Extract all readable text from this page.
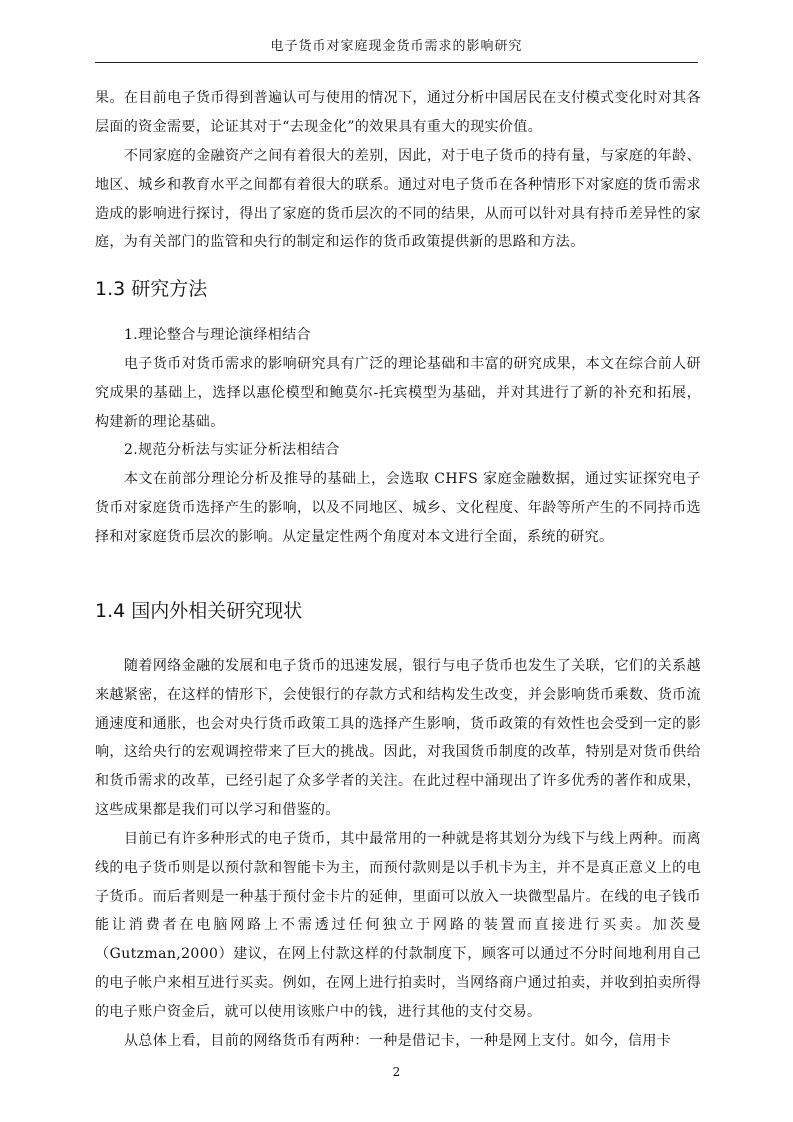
电子货币对家庭现金货币需求的影响研究

果。在目前电子货币得到普遍认可与使用的情况下，通过分析中国居民在支付模式变化时对其各层面的资金需要，论证其对于“去现金化”的效果具有重大的现实价值。

不同家庭的金融资产之间有着很大的差别，因此，对于电子货币的持有量，与家庭的年龄、地区、城乡和教育水平之间都有着很大的联系。通过对电子货币在各种情形下对家庭的货币需求造成的影响进行探讨，得出了家庭的货币层次的不同的结果，从而可以针对具有持币差异性的家庭，为有关部门的监管和央行的制定和运作的货币政策提供新的思路和方法。

1.3 研究方法

1.理论整合与理论演绎相结合

电子货币对货币需求的影响研究具有广泛的理论基础和丰富的研究成果，本文在综合前人研究成果的基础上，选择以惠伦模型和鲍莫尔-托宾模型为基础，并对其进行了新的补充和拓展，构建新的理论基础。

2.规范分析法与实证分析法相结合

本文在前部分理论分析及推导的基础上，会选取 CHFS 家庭金融数据，通过实证探究电子货币对家庭货币选择产生的影响，以及不同地区、城乡、文化程度、年龄等所产生的不同持币选择和对家庭货币层次的影响。从定量定性两个角度对本文进行全面，系统的研究。

1.4 国内外相关研究现状

随着网络金融的发展和电子货币的迅速发展，银行与电子货币也发生了关联，它们的关系越来越紧密，在这样的情形下，会使银行的存款方式和结构发生改变，并会影响货币乘数、货币流通速度和通胀，也会对央行货币政策工具的选择产生影响，货币政策的有效性也会受到一定的影响，这给央行的宏观调控带来了巨大的挑战。因此，对我国货币制度的改革，特别是对货币供给和货币需求的改革，已经引起了众多学者的关注。在此过程中涌现出了许多优秀的著作和成果，这些成果都是我们可以学习和借鉴的。

目前已有许多种形式的电子货币，其中最常用的一种就是将其划分为线下与线上两种。而离线的电子货币则是以预付款和智能卡为主，而预付款则是以手机卡为主，并不是真正意义上的电子货币。而后者则是一种基于预付金卡片的延伸，里面可以放入一块微型晶片。在线的电子钱币能让消费者在电脑网路上不需透过任何独立于网路的装置而直接进行买卖。加茨曼（Gutzman,2000）建议，在网上付款这样的付款制度下，顾客可以通过不分时间地利用自己的电子帐户来相互进行买卖。例如，在网上进行拍卖时，当网络商户通过拍卖，并收到拍卖所得的电子账户资金后，就可以使用该账户中的钱，进行其他的支付交易。

从总体上看，目前的网络货币有两种：一种是借记卡，一种是网上支付。如今，信用卡

2
